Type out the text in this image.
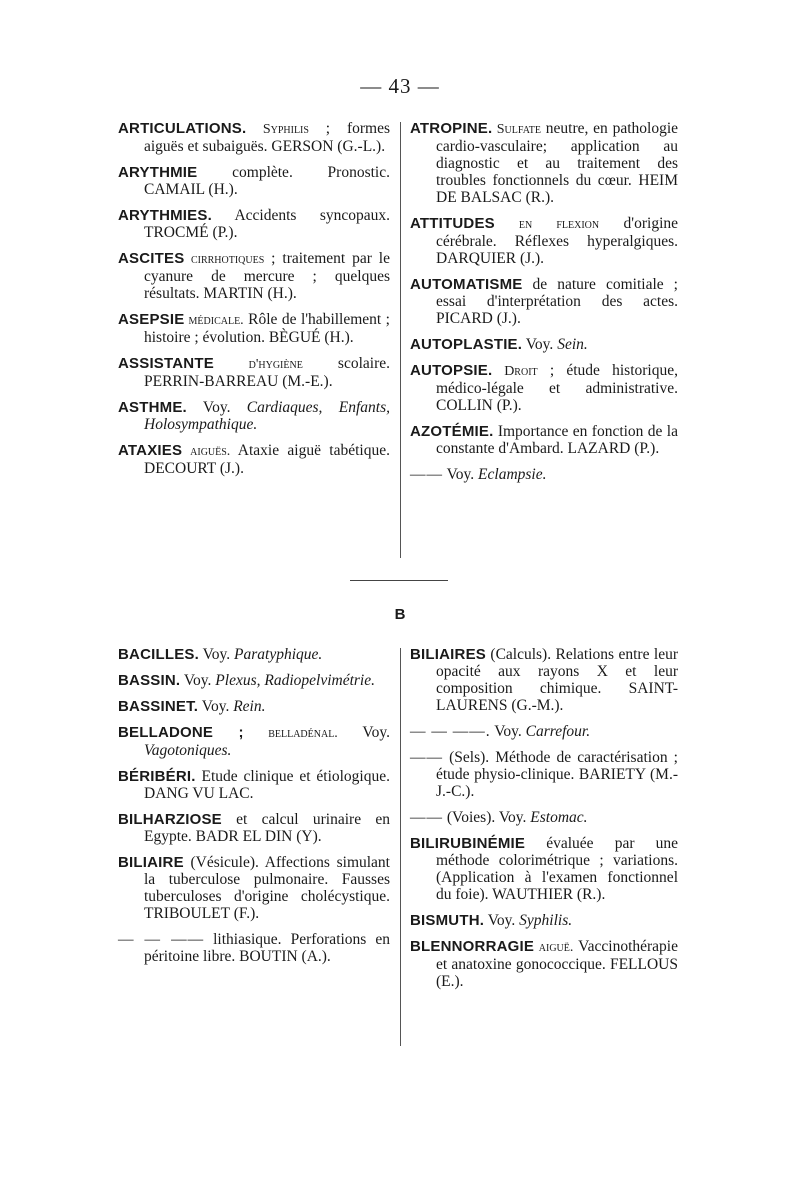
— 43 —

ARTICULATIONS. Syphilis ; formes aiguës et subaiguës. GERSON (G.-L.).

ARYTHMIE complète. Pronostic. CAMAIL (H.).

ARYTHMIES. Accidents syncopaux. TROCMÉ (P.).

ASCITES cirrhotiques ; traitement par le cyanure de mercure ; quelques résultats. MARTIN (H.).

ASEPSIE médicale. Rôle de l'habillement ; histoire ; évolution. BÈGUÉ (H.).

ASSISTANTE d'hygiène scolaire. PERRIN-BARREAU (M.-E.).

ASTHME. Voy. Cardiaques, Enfants, Holosympathique.

ATAXIES aiguës. Ataxie aiguë tabétique. DECOURT (J.).

ATROPINE. Sulfate neutre, en pathologie cardio-vasculaire; application au diagnostic et au traitement des troubles fonctionnels du cœur. HEIM DE BALSAC (R.).

ATTITUDES en flexion d'origine cérébrale. Réflexes hyperalgiques. DARQUIER (J.).

AUTOMATISME de nature comitiale ; essai d'interprétation des actes. PICARD (J.).

AUTOPLASTIE. Voy. Sein.

AUTOPSIE. Droit ; étude historique, médico-légale et administrative. COLLIN (P.).

AZOTÉMIE. Importance en fonction de la constante d'Ambard. LAZARD (P.).

—— Voy. Eclampsie.

B

BACILLES. Voy. Paratyphique.

BASSIN. Voy. Plexus, Radiopelvimétrie.

BASSINET. Voy. Rein.

BELLADONE ; belladénal. Voy. Vagotoniques.

BÉRIBÉRI. Etude clinique et étiologique. DANG VU LAC.

BILHARZIOSE et calcul urinaire en Egypte. BADR EL DIN (Y).

BILIAIRE (Vésicule). Affections simulant la tuberculose pulmonaire. Fausses tuberculoses d'origine cholécystique. TRIBOULET (F.).

— — —— lithiasique. Perforations en péritoine libre. BOUTIN (A.).

BILIAIRES (Calculs). Relations entre leur opacité aux rayons X et leur composition chimique. SAINT-LAURENS (G.-M.).

— — ——. Voy. Carrefour.

—— (Sels). Méthode de caractérisation ; étude physio-clinique. BARIETY (M.-J.-C.).

—— (Voies). Voy. Estomac.

BILIRUBINÉMIE évaluée par une méthode colorimétrique ; variations. (Application à l'examen fonctionnel du foie). WAUTHIER (R.).

BISMUTH. Voy. Syphilis.

BLENNORRAGIE aiguë. Vaccinothérapie et anatoxine gonococcique. FELLOUS (E.).
